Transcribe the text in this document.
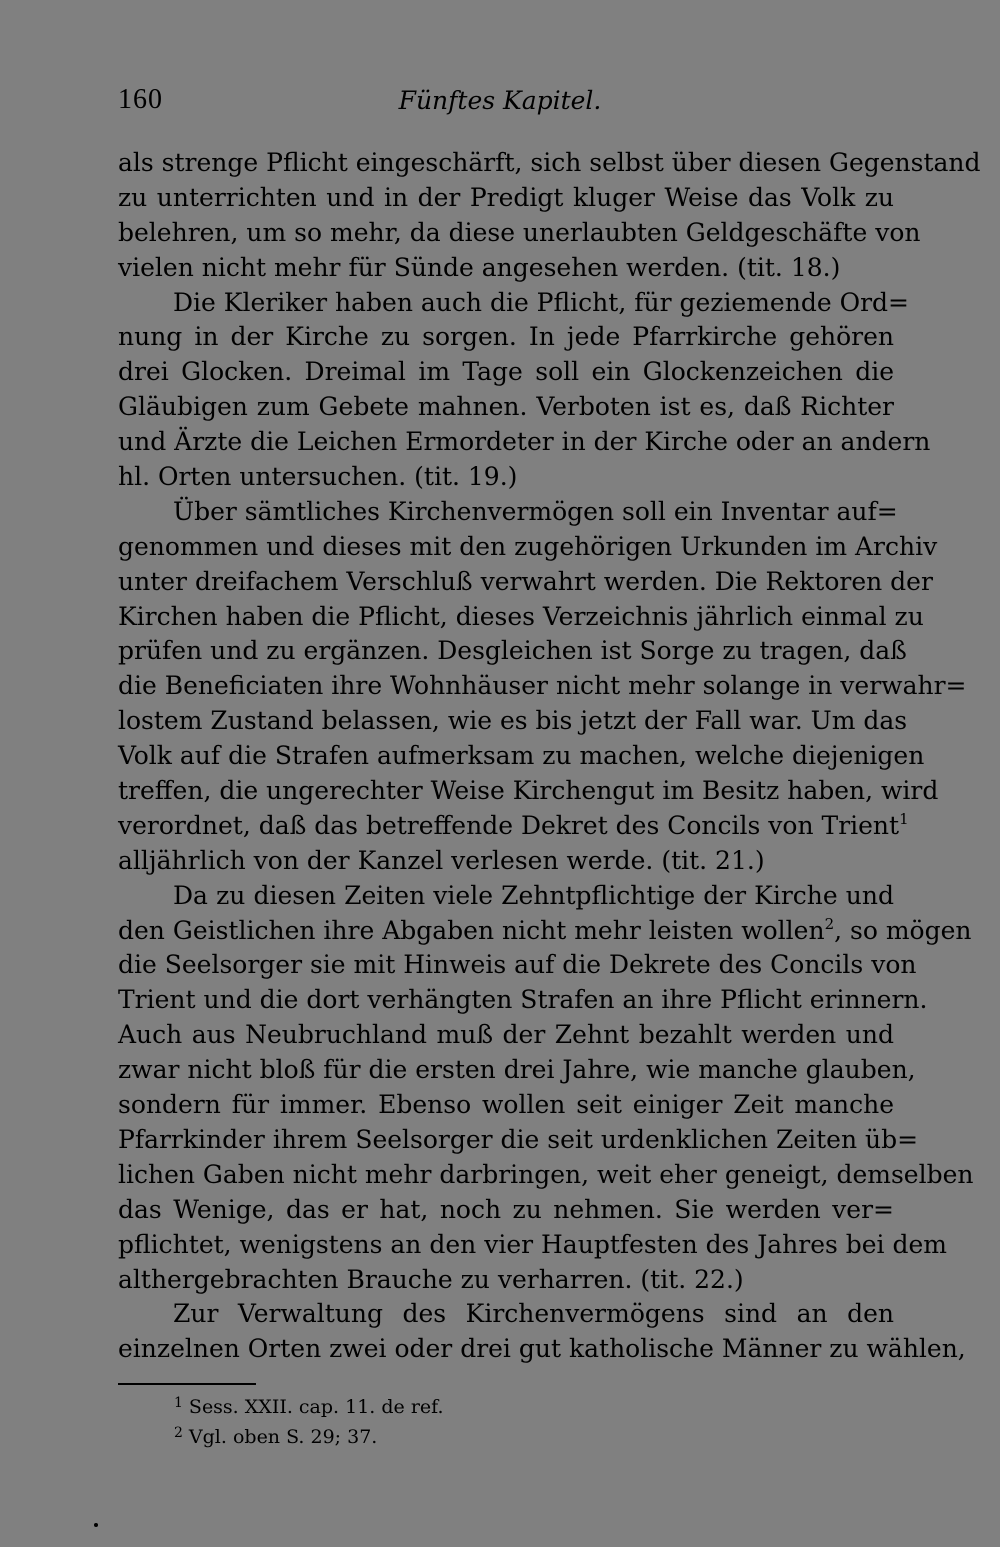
160	Fünftes Kapitel.
als strenge Pflicht eingeschärft, sich selbst über diesen Gegenstand
zu unterrichten und in der Predigt kluger Weise das Volk zu
belehren, um so mehr, da diese unerlaubten Geldgeschäfte von
vielen nicht mehr für Sünde angesehen werden. (tit. 18.)
Die Kleriker haben auch die Pflicht, für geziemende Ord=
nung in der Kirche zu sorgen. In jede Pfarrkirche gehören
drei Glocken. Dreimal im Tage soll ein Glockenzeichen die
Gläubigen zum Gebete mahnen. Verboten ist es, daß Richter
und Ärzte die Leichen Ermordeter in der Kirche oder an andern
hl. Orten untersuchen. (tit. 19.)
Über sämtliches Kirchenvermögen soll ein Inventar auf=
genommen und dieses mit den zugehörigen Urkunden im Archiv
unter dreifachem Verschluß verwahrt werden. Die Rektoren der
Kirchen haben die Pflicht, dieses Verzeichnis jährlich einmal zu
prüfen und zu ergänzen. Desgleichen ist Sorge zu tragen, daß
die Beneficiaten ihre Wohnhäuser nicht mehr solange in verwahr=
lostem Zustand belassen, wie es bis jetzt der Fall war. Um das
Volk auf die Strafen aufmerksam zu machen, welche diejenigen
treffen, die ungerechter Weise Kirchengut im Besitz haben, wird
verordnet, daß das betreffende Dekret des Concils von Trient$^1$
alljährlich von der Kanzel verlesen werde. (tit. 21.)
Da zu diesen Zeiten viele Zehntpflichtige der Kirche und
den Geistlichen ihre Abgaben nicht mehr leisten wollen$^2$, so mögen
die Seelsorger sie mit Hinweis auf die Dekrete des Concils von
Trient und die dort verhängten Strafen an ihre Pflicht erinnern.
Auch aus Neubruchland muß der Zehnt bezahlt werden und
zwar nicht bloß für die ersten drei Jahre, wie manche glauben,
sondern für immer. Ebenso wollen seit einiger Zeit manche
Pfarrkinder ihrem Seelsorger die seit urdenklichen Zeiten üb=
lichen Gaben nicht mehr darbringen, weit eher geneigt, demselben
das Wenige, das er hat, noch zu nehmen. Sie werden ver=
pflichtet, wenigstens an den vier Hauptfesten des Jahres bei dem
althergebrachten Brauche zu verharren. (tit. 22.)
Zur Verwaltung des Kirchenvermögens sind an den
einzelnen Orten zwei oder drei gut katholische Männer zu wählen,
$^1$ Sess. XXII. cap. 11. de ref.
$^2$ Vgl. oben S. 29; 37.
